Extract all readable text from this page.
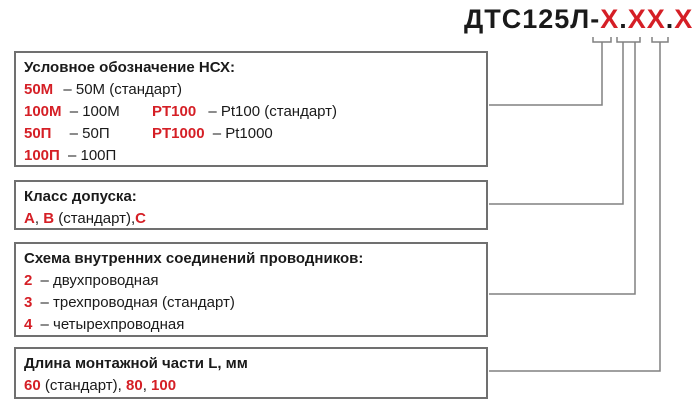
ДТС125Л-X.XX.X
Условное обозначение НСХ:
50М – 50М (стандарт)
100М – 100М PT100 – Pt100 (стандарт)
50П – 50П	PT1000 – Pt1000
100П – 100П
Класс допуска:
A, B (стандарт),C
Схема внутренних соединений проводников:
2 – двухпроводная
3 – трехпроводная (стандарт)
4 – четырехпроводная
Длина монтажной части L, мм
60 (стандарт), 80, 100
